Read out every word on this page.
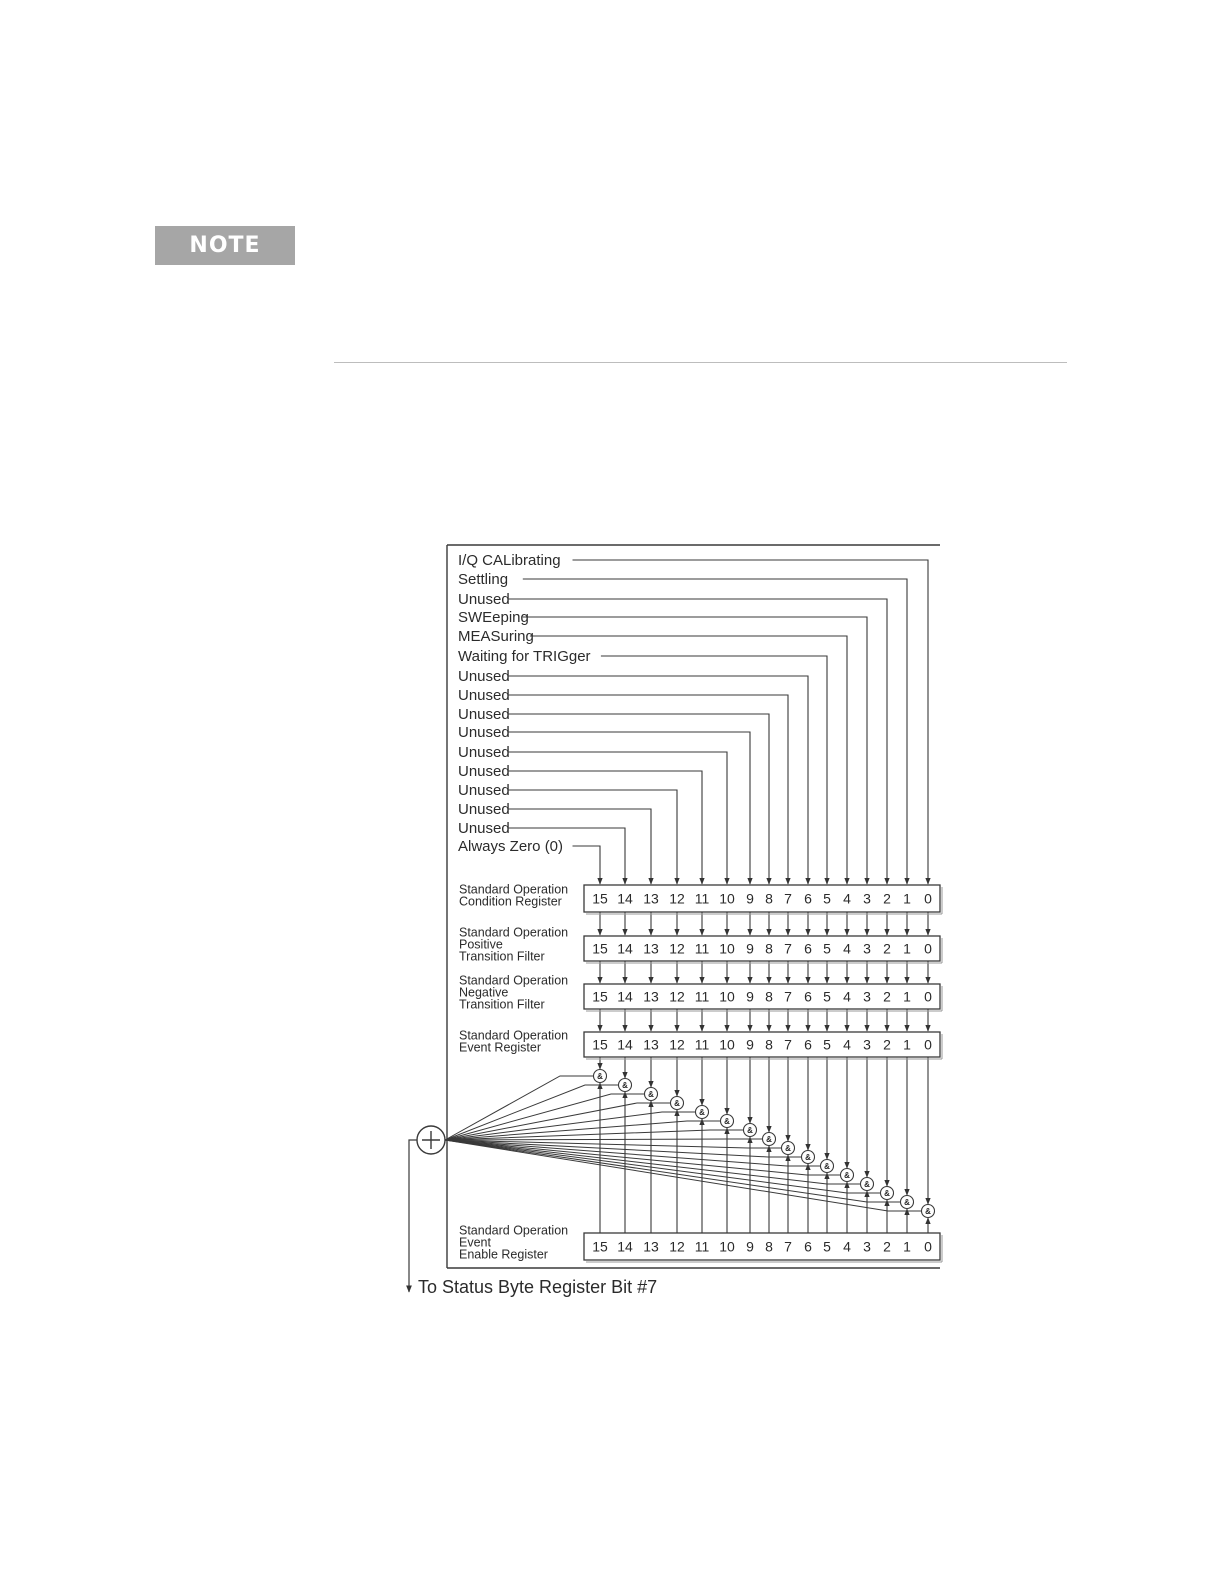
NOTE
I/Q CALibrating
Settling
Unused
SWEeping
MEASuring
Waiting for TRIGger
Unused
Unused
Unused
Unused
Unused
Unused
Unused
Unused
Unused
Always Zero (0)
15 14 13 12 11 10 9 8 7 6 5 4 3 2 1 0
Standard Operation
Condition Register
15 14 13 12 11 10 9 8 7 6 5 4 3 2 1 0
Standard Operation
Positive
Transition Filter
15 14 13 12 11 10 9 8 7 6 5 4 3 2 1 0
Standard Operation
Negative
Transition Filter
15 14 13 12 11 10 9 8 7 6 5 4 3 2 1 0
Standard Operation
Event Register
15 14 13 12 11 10 9 8 7 6 5 4 3 2 1 0
Standard Operation
Event
Enable Register
&
&
&
&
&
&
&
&
&
&
&
&
&
&
&
&
To Status Byte Register Bit #7
